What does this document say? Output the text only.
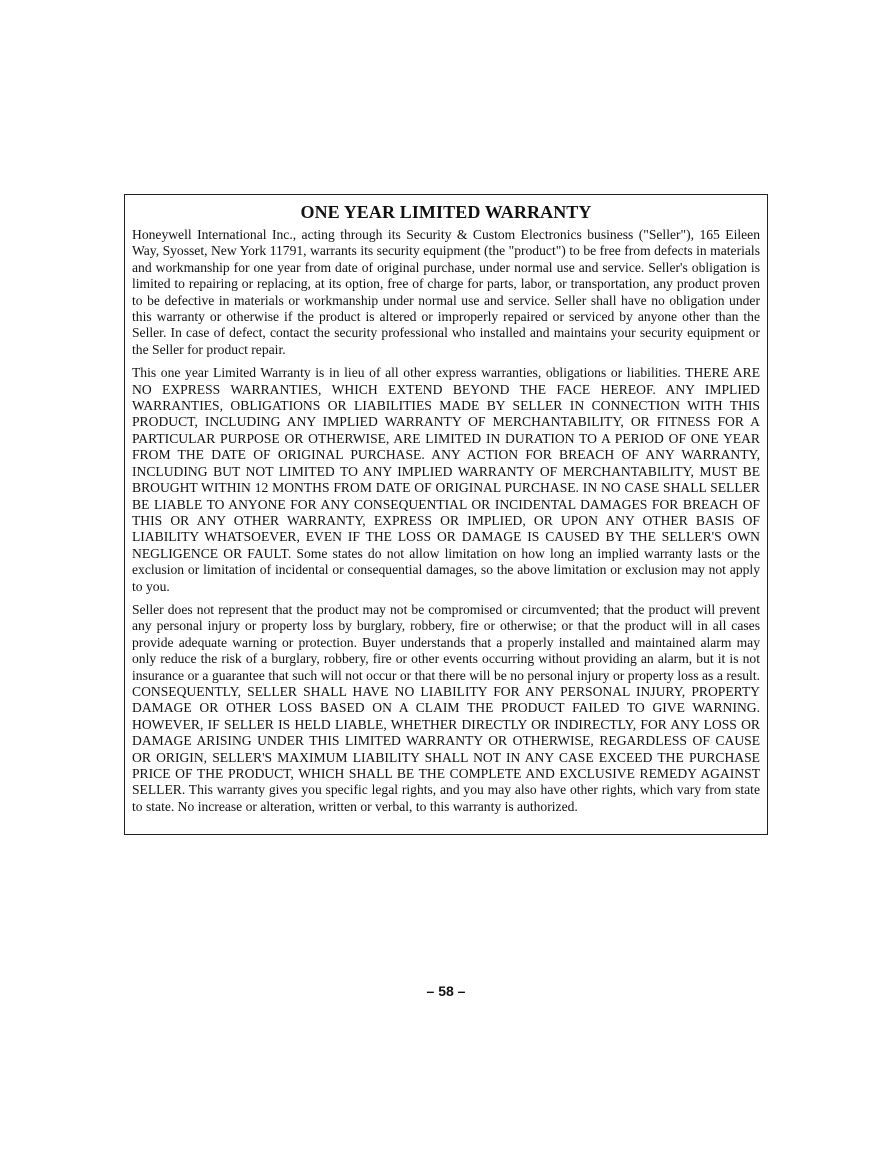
ONE YEAR LIMITED WARRANTY

Honeywell International Inc., acting through its Security & Custom Electronics business ("Seller"), 165 Eileen Way, Syosset, New York 11791, warrants its security equipment (the "product") to be free from defects in materials and workmanship for one year from date of original purchase, under normal use and service. Seller's obligation is limited to repairing or replacing, at its option, free of charge for parts, labor, or transportation, any product proven to be defective in materials or workmanship under normal use and service. Seller shall have no obligation under this warranty or otherwise if the product is altered or improperly repaired or serviced by anyone other than the Seller. In case of defect, contact the security professional who installed and maintains your security equipment or the Seller for product repair.

This one year Limited Warranty is in lieu of all other express warranties, obligations or liabilities. THERE ARE NO EXPRESS WARRANTIES, WHICH EXTEND BEYOND THE FACE HEREOF. ANY IMPLIED WARRANTIES, OBLIGATIONS OR LIABILITIES MADE BY SELLER IN CONNECTION WITH THIS PRODUCT, INCLUDING ANY IMPLIED WARRANTY OF MERCHANTABILITY, OR FITNESS FOR A PARTICULAR PURPOSE OR OTHERWISE, ARE LIMITED IN DURATION TO A PERIOD OF ONE YEAR FROM THE DATE OF ORIGINAL PURCHASE. ANY ACTION FOR BREACH OF ANY WARRANTY, INCLUDING BUT NOT LIMITED TO ANY IMPLIED WARRANTY OF MERCHANTABILITY, MUST BE BROUGHT WITHIN 12 MONTHS FROM DATE OF ORIGINAL PURCHASE. IN NO CASE SHALL SELLER BE LIABLE TO ANYONE FOR ANY CONSEQUENTIAL OR INCIDENTAL DAMAGES FOR BREACH OF THIS OR ANY OTHER WARRANTY, EXPRESS OR IMPLIED, OR UPON ANY OTHER BASIS OF LIABILITY WHATSOEVER, EVEN IF THE LOSS OR DAMAGE IS CAUSED BY THE SELLER'S OWN NEGLIGENCE OR FAULT. Some states do not allow limitation on how long an implied warranty lasts or the exclusion or limitation of incidental or consequential damages, so the above limitation or exclusion may not apply to you.

Seller does not represent that the product may not be compromised or circumvented; that the product will prevent any personal injury or property loss by burglary, robbery, fire or otherwise; or that the product will in all cases provide adequate warning or protection. Buyer understands that a properly installed and maintained alarm may only reduce the risk of a burglary, robbery, fire or other events occurring without providing an alarm, but it is not insurance or a guarantee that such will not occur or that there will be no personal injury or property loss as a result. CONSEQUENTLY, SELLER SHALL HAVE NO LIABILITY FOR ANY PERSONAL INJURY, PROPERTY DAMAGE OR OTHER LOSS BASED ON A CLAIM THE PRODUCT FAILED TO GIVE WARNING. HOWEVER, IF SELLER IS HELD LIABLE, WHETHER DIRECTLY OR INDIRECTLY, FOR ANY LOSS OR DAMAGE ARISING UNDER THIS LIMITED WARRANTY OR OTHERWISE, REGARDLESS OF CAUSE OR ORIGIN, SELLER'S MAXIMUM LIABILITY SHALL NOT IN ANY CASE EXCEED THE PURCHASE PRICE OF THE PRODUCT, WHICH SHALL BE THE COMPLETE AND EXCLUSIVE REMEDY AGAINST SELLER. This warranty gives you specific legal rights, and you may also have other rights, which vary from state to state. No increase or alteration, written or verbal, to this warranty is authorized.

– 58 –
